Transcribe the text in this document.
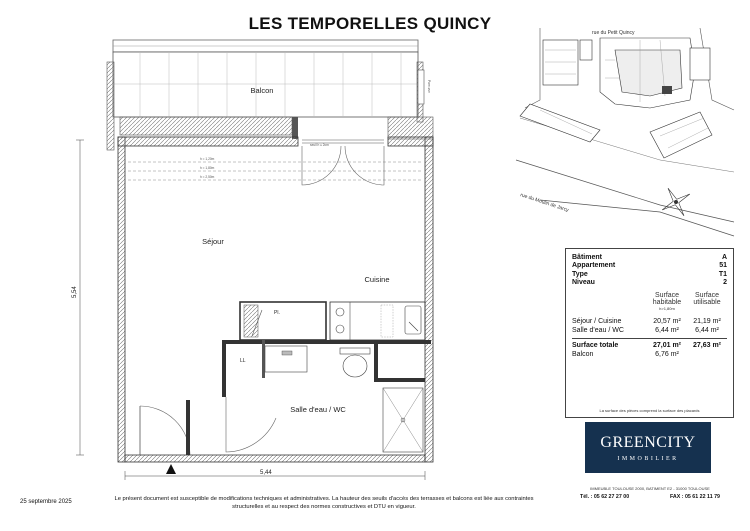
LES TEMPORELLES QUINCY
Pare-vue
Balcon
h = 1,20m
h = 1,80m
h = 2,50m
seuil h ≤ 2cm
Séjour
Cuisine
Pl.
LL
Salle d'eau / WC
5,44
5,54
rue du Petit Quincy
rue du Moulin de Jarcy
Bâtiment	A
Appartement	51
Type	T1
Niveau	2
Surface habitable
h>1,80m
Surface utilisable
Séjour / Cuisine	20,57 m²	21,19 m²
Salle d'eau / WC	6,44 m²	6,44 m²
Surface totale	27,01 m²	27,63 m²
Balcon	6,76 m²
La surface des pièces comprend la surface des placards
GREENCITY
IMMOBILIER
IMMEUBLE TOULOUSE 2000, BATIMENT E2 - 31000 TOULOUSE
Tél. : 05 62 27 27 00	FAX : 05 61 22 11 79
25 septembre 2025	Le présent document est susceptible de modifications techniques et administratives. La hauteur des seuils d'accès des terrasses et balcons est liée aux contraintes structurelles et au respect des normes constructives et DTU en vigueur.
